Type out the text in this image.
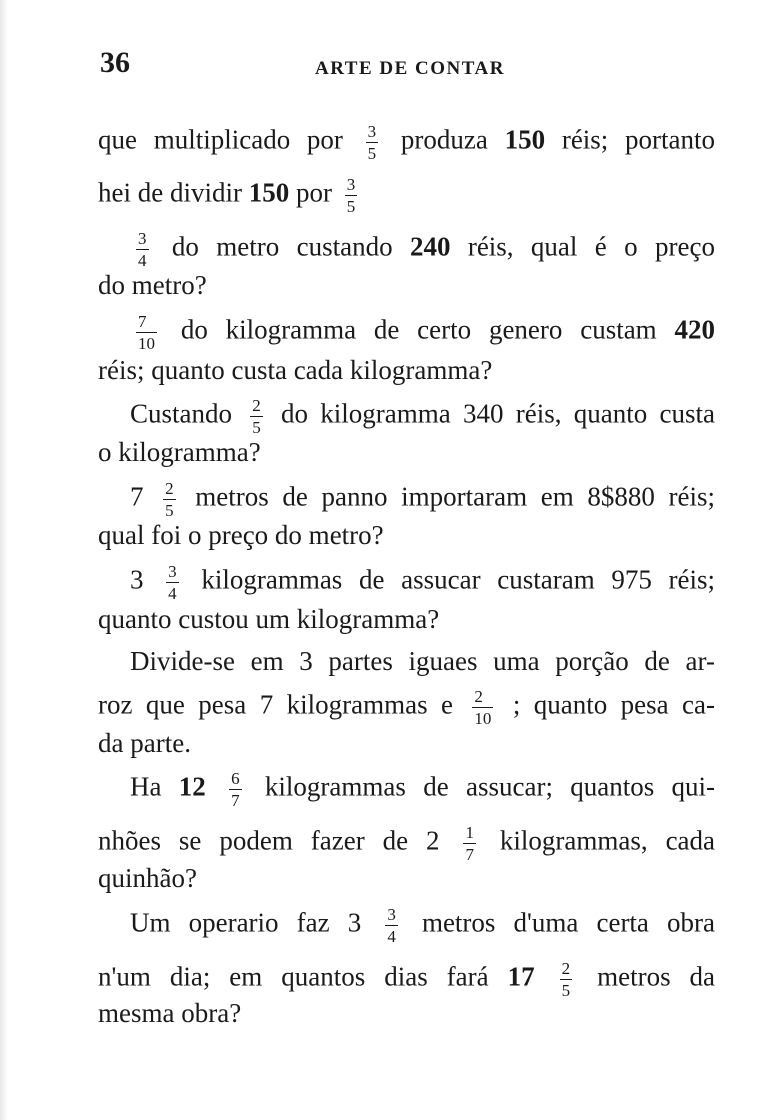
36	ARTE DE CONTAR
que multiplicado por $\frac{3}{5}$ produza 150 réis; portanto
hei de dividir 150 por $\frac{3}{5}$
$\frac{3}{4}$ do metro custando 240 réis, qual é o preço
do metro?
$\frac{7}{10}$ do kilogramma de certo genero custam 420
réis; quanto custa cada kilogramma?
Custando $\frac{2}{5}$ do kilogramma 340 réis, quanto custa
o kilogramma?
$7 \frac{2}{5}$ metros de panno importaram em 8$880 réis;
qual foi o preço do metro?
$3 \frac{3}{4}$ kilogrammas de assucar custaram 975 réis;
quanto custou um kilogramma?
Divide-se em 3 partes iguaes uma porção de ar-
roz que pesa 7 kilogrammas e $\frac{2}{10}$ ; quanto pesa ca-
da parte.
Ha $12 \frac{6}{7}$ kilogrammas de assucar; quantos qui-
nhões se podem fazer de $2 \frac{1}{7}$ kilogrammas, cada
quinhão?
Um operario faz $3 \frac{3}{4}$ metros d'uma certa obra
n'um dia; em quantos dias fará $17 \frac{2}{5}$ metros da
mesma obra?
